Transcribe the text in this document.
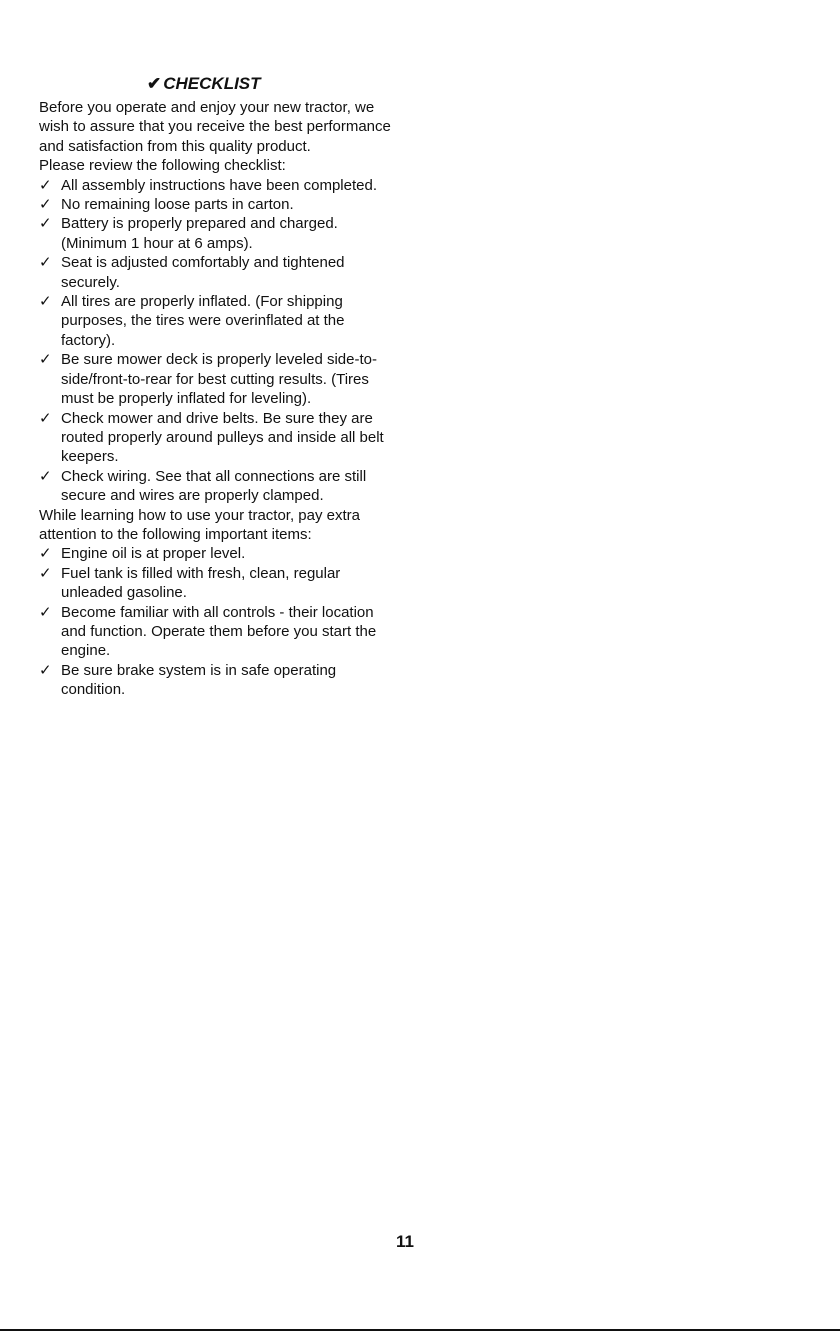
✔ CHECKLIST

Before you operate and enjoy your new tractor, we wish to assure that you receive the best performance and satisfaction from this quality product.

Please review the following checklist:

✓ All assembly instructions have been completed.
✓ No remaining loose parts in carton.
✓ Battery is properly prepared and charged.(Minimum 1 hour at 6 amps).
✓ Seat is adjusted comfortably and tightened securely.
✓ All tires are properly inflated. (For shipping purposes, the tires were overinflated at the factory).
✓ Be sure mower deck is properly leveled side-to-side/front-to-rear for best cutting results. (Tires must be properly inflated for leveling).
✓ Check mower and drive belts. Be sure they are routed properly around pulleys and inside all belt keepers.
✓ Check wiring. See that all connections are still secure and wires are properly clamped.

While learning how to use your tractor, pay extra attention to the following important items:

✓ Engine oil is at proper level.
✓ Fuel tank is filled with fresh, clean, regular unleaded gasoline.
✓ Become familiar with all controls - their location and function. Operate them before you start the engine.
✓ Be sure brake system is in safe operating condition.
11
